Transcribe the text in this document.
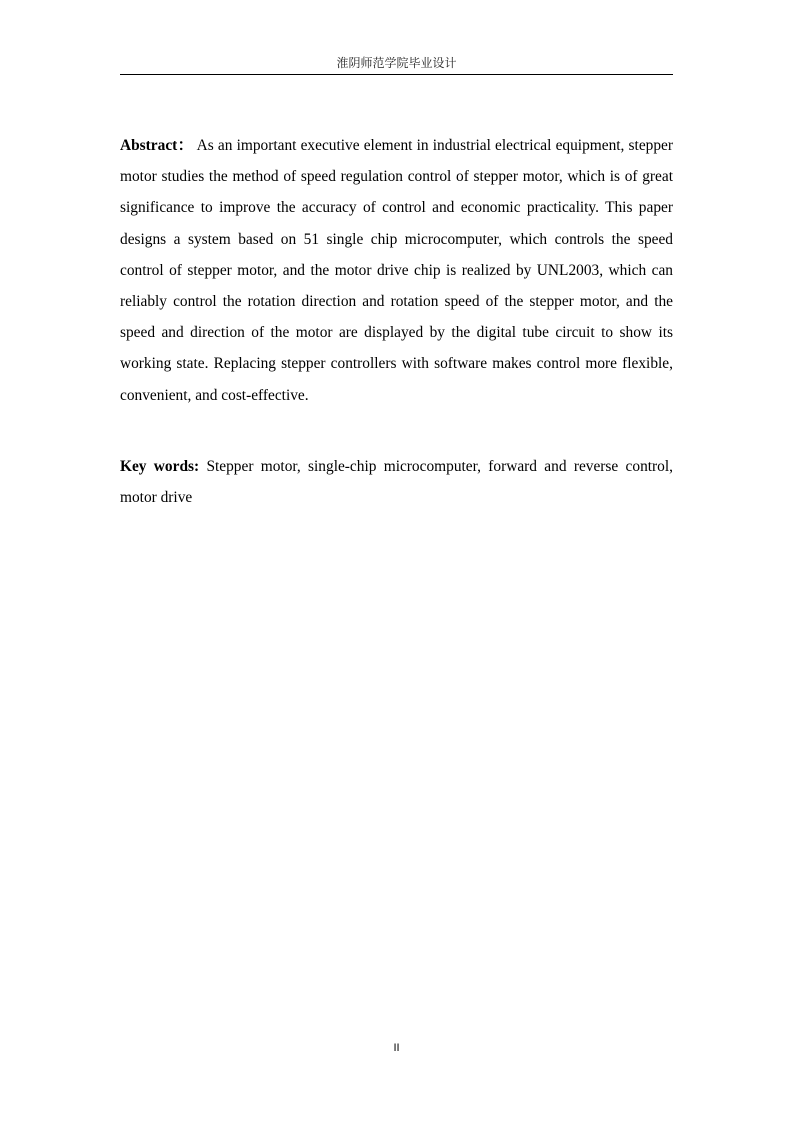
淮阴师范学院毕业设计

Abstract： As an important executive element in industrial electrical equipment, stepper motor studies the method of speed regulation control of stepper motor, which is of great significance to improve the accuracy of control and economic practicality. This paper designs a system based on 51 single chip microcomputer, which controls the speed control of stepper motor, and the motor drive chip is realized by UNL2003, which can reliably control the rotation direction and rotation speed of the stepper motor, and the speed and direction of the motor are displayed by the digital tube circuit to show its working state. Replacing stepper controllers with software makes control more flexible, convenient, and cost-effective.

Key words: Stepper motor, single-chip microcomputer, forward and reverse control, motor drive

II
